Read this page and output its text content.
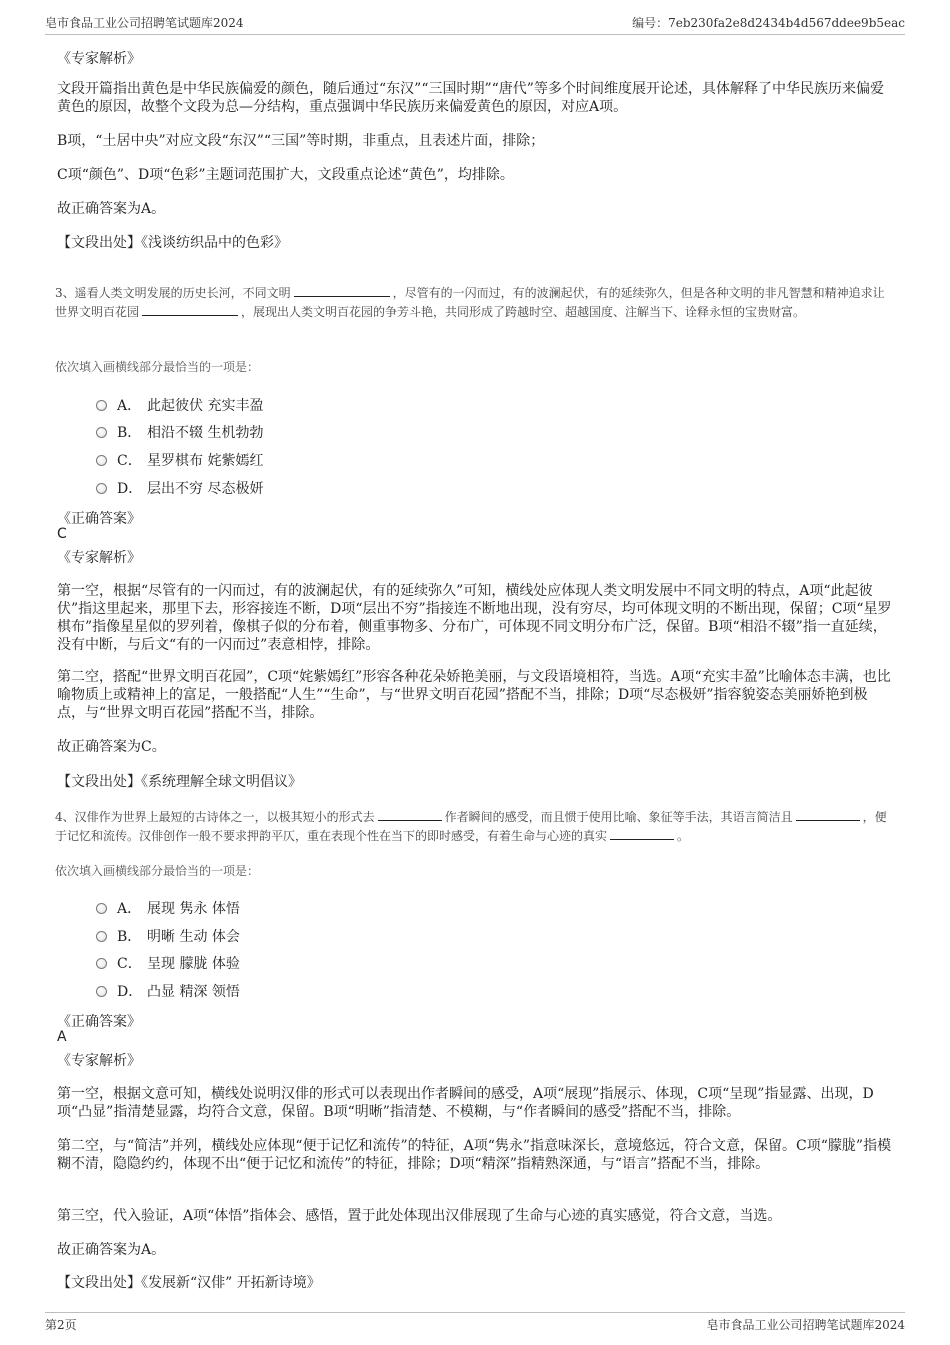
皂市食品工业公司招聘笔试题库2024	编号：7eb230fa2e8d2434b4d567ddee9b5eac
《专家解析》

文段开篇指出黄色是中华民族偏爱的颜色，随后通过“东汉”“三国时期”“唐代”等多个时间维度展开论述，具体解释了中华民族历来偏爱黄色的原因，故整个文段为总—分结构，重点强调中华民族历来偏爱黄色的原因，对应A项。

B项，“土居中央”对应文段“东汉”“三国”等时期，非重点，且表述片面，排除；

C项“颜色”、D项“色彩”主题词范围扩大，文段重点论述“黄色”，均排除。

故正确答案为A。

【文段出处】《浅谈纺织品中的色彩》

3、遥看人类文明发展的历史长河，不同文明	，尽管有的一闪而过，有的波澜起伏，有的延续弥久，但是各种文明的非凡智慧和精神追求让世界文明百花园	，展现出人类文明百花园的争芳斗艳，共同形成了跨越时空、超越国度、注解当下、诠释永恒的宝贵财富。

依次填入画横线部分最恰当的一项是：
A． 此起彼伏 充实丰盈
B． 相沿不辍 生机勃勃
C． 星罗棋布 姹紫嫣红
D． 层出不穷 尽态极妍
《正确答案》
C
《专家解析》

第一空，根据“尽管有的一闪而过，有的波澜起伏，有的延续弥久”可知，横线处应体现人类文明发展中不同文明的特点，A项“此起彼伏”指这里起来，那里下去，形容接连不断，D项“层出不穷”指接连不断地出现，没有穷尽，均可体现文明的不断出现，保留；C项“星罗棋布”指像星星似的罗列着，像棋子似的分布着，侧重事物多、分布广，可体现不同文明分布广泛，保留。B项“相沿不辍”指一直延续，没有中断，与后文“有的一闪而过”表意相悖，排除。

第二空，搭配“世界文明百花园”，C项“姹紫嫣红”形容各种花朵娇艳美丽，与文段语境相符，当选。A项“充实丰盈”比喻体态丰满，也比喻物质上或精神上的富足，一般搭配“人生”“生命”，与“世界文明百花园”搭配不当，排除；D项“尽态极妍”指容貌姿态美丽娇艳到极点，与“世界文明百花园”搭配不当，排除。

故正确答案为C。

【文段出处】《系统理解全球文明倡议》

4、汉俳作为世界上最短的古诗体之一，以极其短小的形式去	作者瞬间的感受，而且惯于使用比喻、象征等手法，其语言简洁且	，便于记忆和流传。汉俳创作一般不要求押韵平仄，重在表现个性在当下的即时感受，有着生命与心迹的真实	。

依次填入画横线部分最恰当的一项是：
A． 展现 隽永 体悟
B． 明晰 生动 体会
C． 呈现 朦胧 体验
D． 凸显 精深 领悟
《正确答案》
A
《专家解析》

第一空，根据文意可知，横线处说明汉俳的形式可以表现出作者瞬间的感受，A项“展现”指展示、体现，C项“呈现”指显露、出现，D项“凸显”指清楚显露，均符合文意，保留。B项“明晰”指清楚、不模糊，与“作者瞬间的感受”搭配不当，排除。

第二空，与“简洁”并列，横线处应体现“便于记忆和流传”的特征，A项“隽永”指意味深长，意境悠远，符合文意，保留。C项“朦胧”指模糊不清，隐隐约约，体现不出“便于记忆和流传”的特征，排除；D项“精深”指精熟深通，与“语言”搭配不当，排除。

第三空，代入验证，A项“体悟”指体会、感悟，置于此处体现出汉俳展现了生命与心迹的真实感觉，符合文意，当选。

故正确答案为A。

【文段出处】《发展新“汉俳” 开拓新诗境》

第2页	皂市食品工业公司招聘笔试题库2024
